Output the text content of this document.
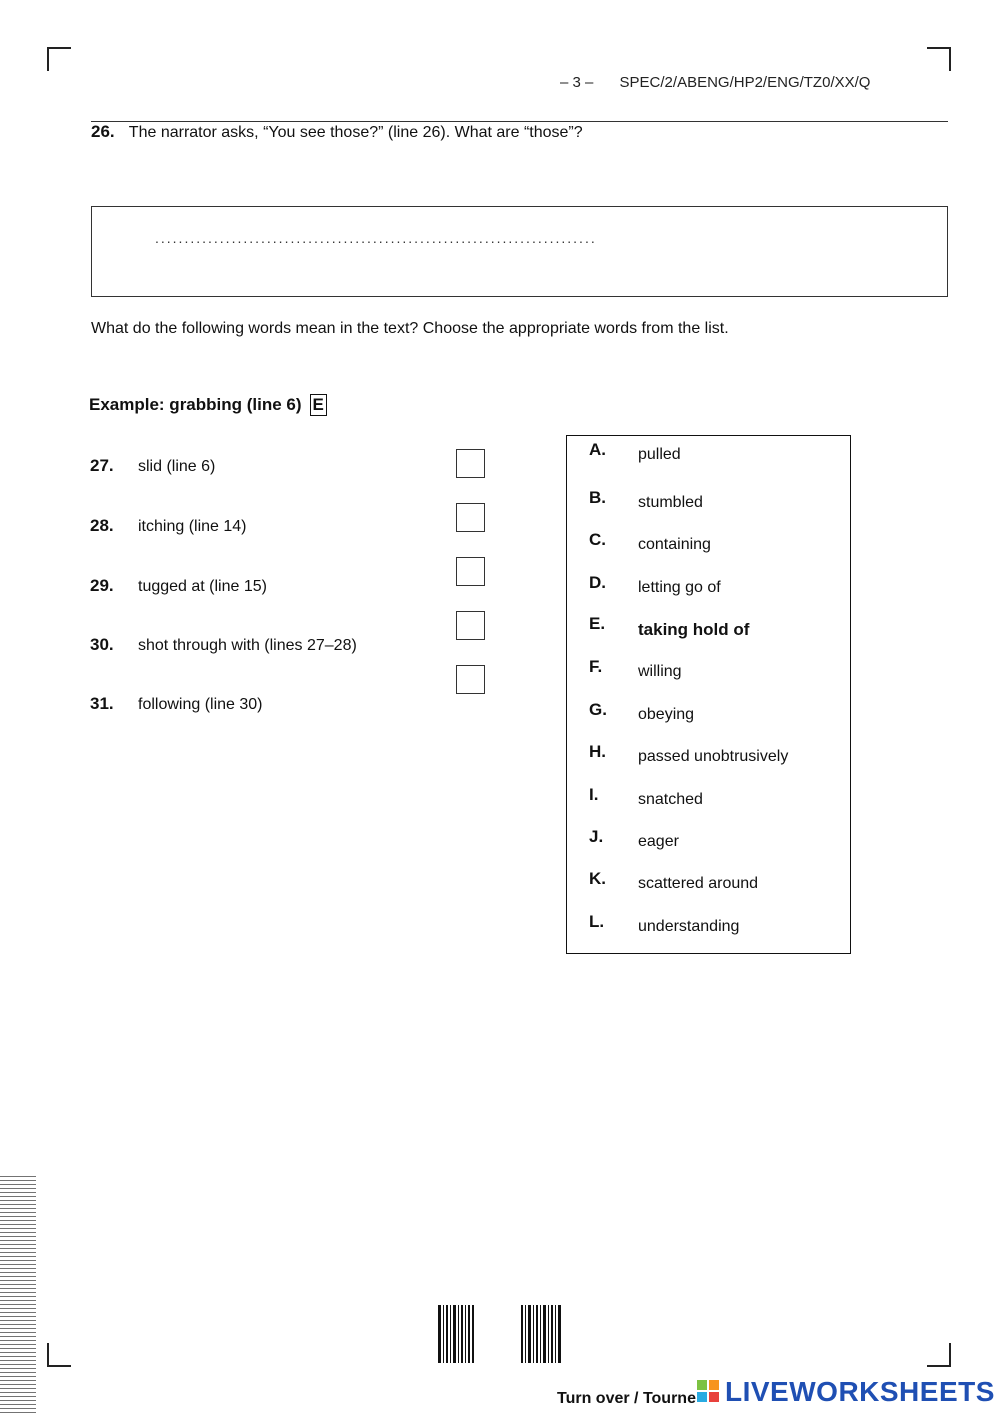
– 3 – SPEC/2/ABENG/HP2/ENG/TZ0/XX/Q
26. The narrator asks, “You see those?” (line 26). What are “those”?
...........................................................................
What do the following words mean in the text? Choose the appropriate words from the list.
Example: grabbing (line 6) E
27. slid (line 6)
28. itching (line 14)
29. tugged at (line 15)
30. shot through with (lines 27–28)
31. following (line 30)
A. pulled
B. stumbled
C. containing
D. letting go of
E. taking hold of
F. willing
G. obeying
H. passed unobtrusively
I. snatched
J. eager
K. scattered around
L. understanding
Turn over / Tourne LIVEWORKSHEETS
